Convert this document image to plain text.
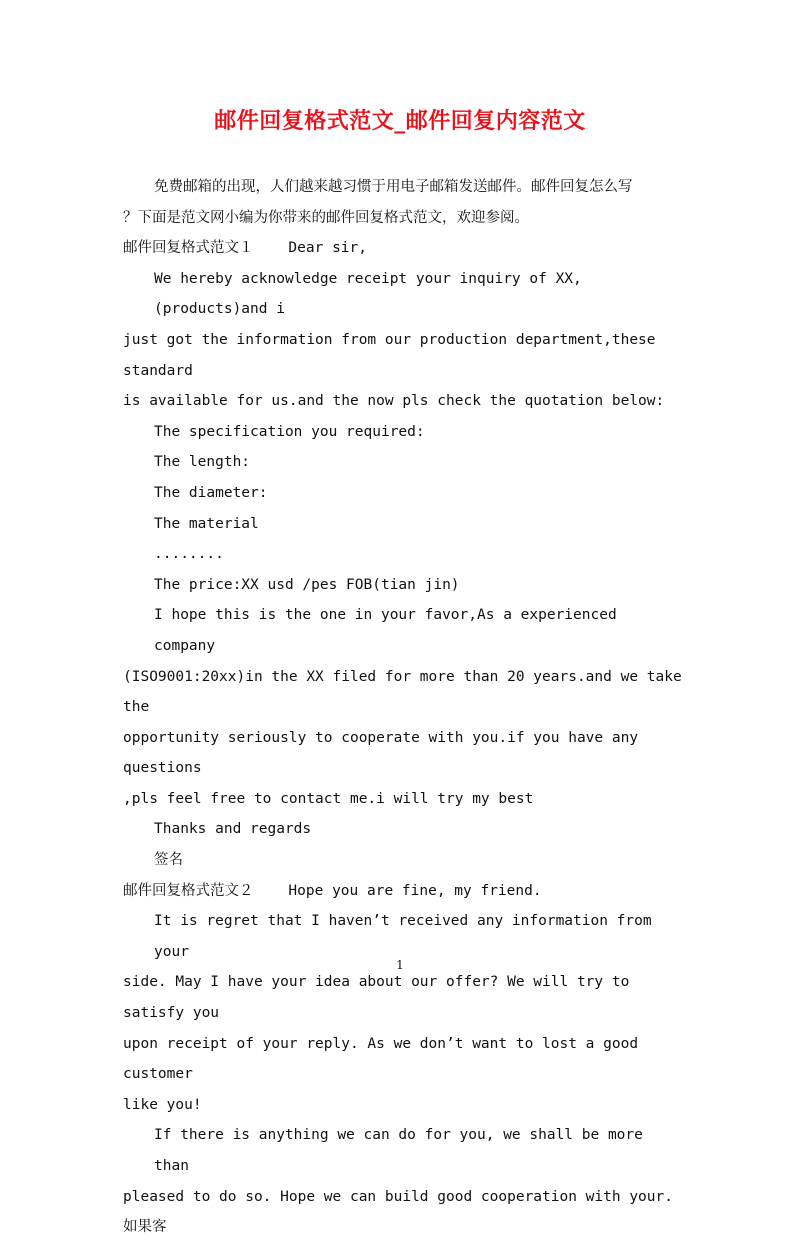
邮件回复格式范文_邮件回复内容范文

免费邮箱的出现，人们越来越习惯于用电子邮箱发送邮件。邮件回复怎么写

？下面是范文网小编为你带来的邮件回复格式范文，欢迎参阅。

邮件回复格式范文１    Dear sir,

We hereby acknowledge receipt your inquiry of XX,(products)and i

just got the information from our production department,these standard

is available for us.and the now pls check the quotation below:

The specification you required:

The length:

The diameter:

The material

........

The price:XX usd /pes FOB(tian jin)

I hope this is the one in your favor,As a experienced company

(ISO9001:20xx)in the XX filed for more than 20 years.and we take the

opportunity seriously to cooperate with you.if you have any questions

,pls feel free to contact me.i will try my best

Thanks and regards

签名

邮件回复格式范文２    Hope you are fine, my friend.

It is regret that I haven’t received any information from your

side. May I have your idea about our offer? We will try to satisfy you

upon receipt of your reply. As we don’t want to lost a good customer

like you!

If there is anything we can do for you, we shall be more than

pleased to do so. Hope we can build good cooperation with your. 如果客

1
